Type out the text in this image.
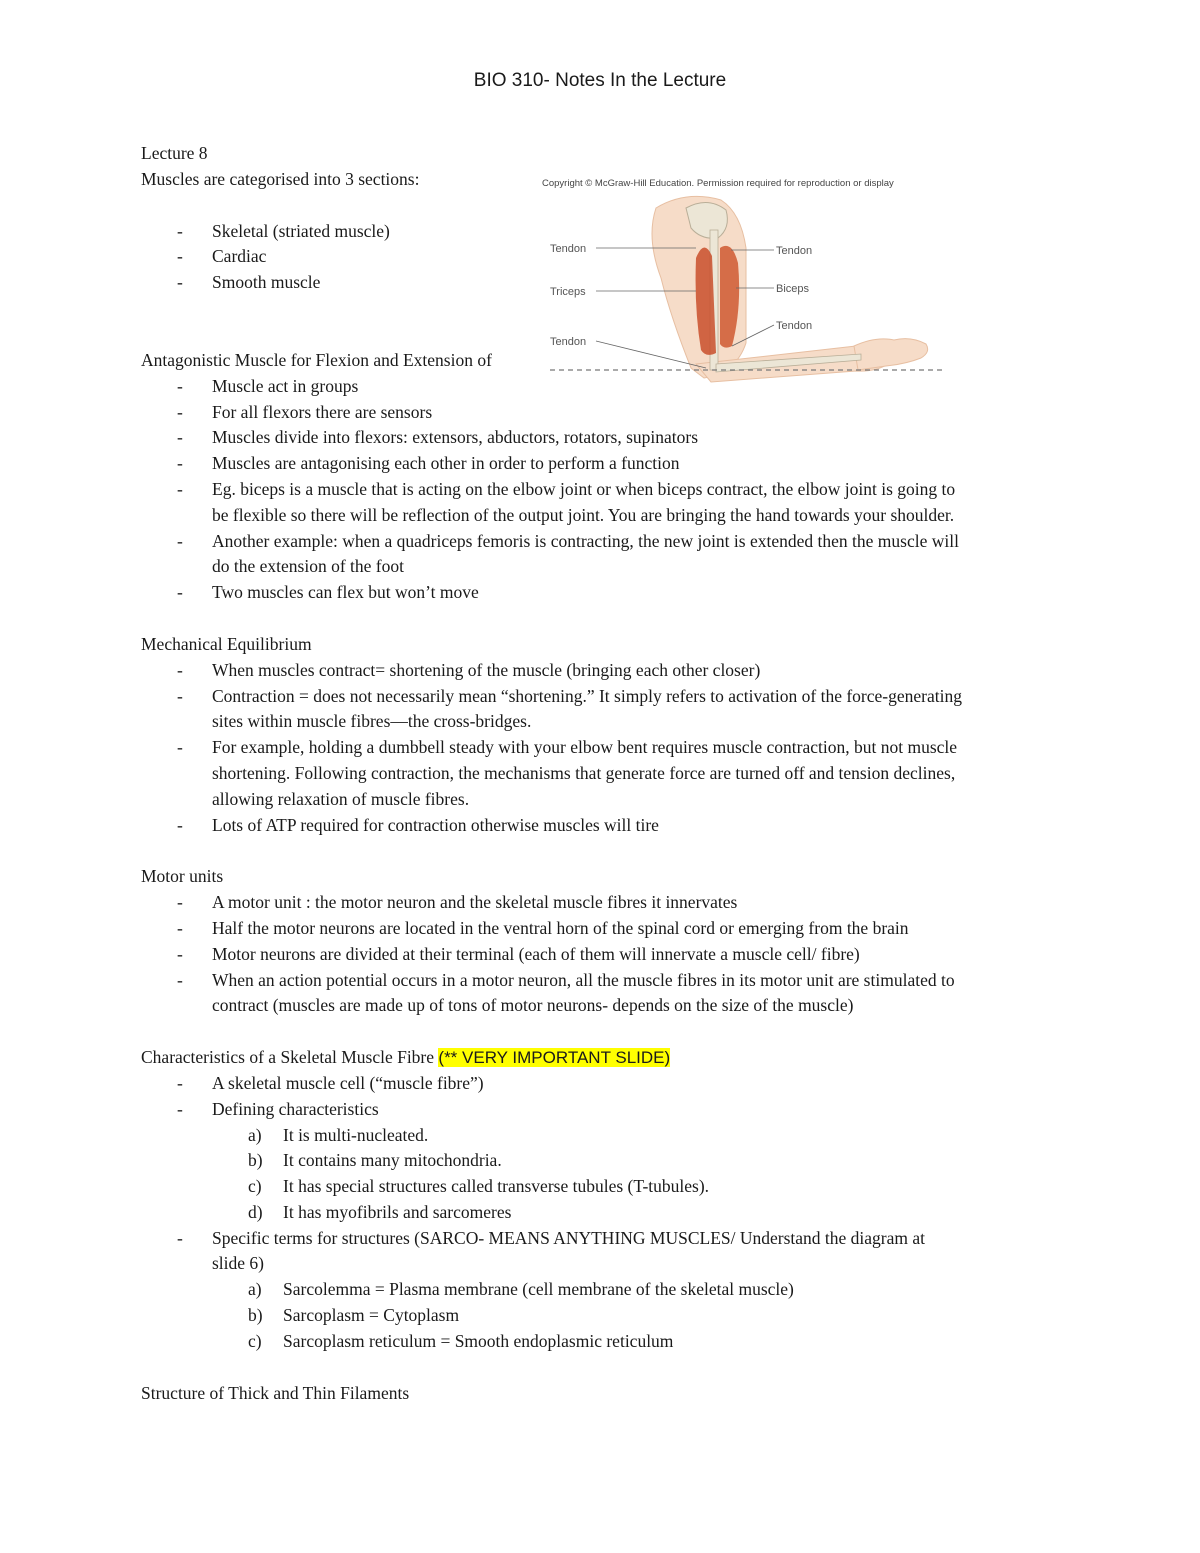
BIO 310- Notes In the Lecture
Copyright © McGraw-Hill Education. Permission required for reproduction or display
Tendon
Triceps
Tendon
Tendon
Biceps
Tendon

Lecture 8

Muscles are categorised into 3 sections:

- Skeletal (striated muscle)
- Cardiac
- Smooth muscle

Antagonistic Muscle for Flexion and Extension of

- Muscle act in groups
- For all flexors there are sensors
- Muscles divide into flexors: extensors, abductors, rotators, supinators
- Muscles are antagonising each other in order to perform a function
- Eg. biceps is a muscle that is acting on the elbow joint or when biceps contract, the elbow joint is going to
be flexible so there will be reflection of the output joint. You are bringing the hand towards your shoulder.
- Another example: when a quadriceps femoris is contracting, the new joint is extended then the muscle will
do the extension of the foot
- Two muscles can flex but won’t move

Mechanical Equilibrium

- When muscles contract= shortening of the muscle (bringing each other closer)
- Contraction = does not necessarily mean “shortening.” It simply refers to activation of the force-generating
sites within muscle fibres—the cross-bridges.
- For example, holding a dumbbell steady with your elbow bent requires muscle contraction, but not muscle
shortening. Following contraction, the mechanisms that generate force are turned off and tension declines,
allowing relaxation of muscle fibres.
- Lots of ATP required for contraction otherwise muscles will tire

Motor units

- A motor unit : the motor neuron and the skeletal muscle fibres it innervates
- Half the motor neurons are located in the ventral horn of the spinal cord or emerging from the brain
- Motor neurons are divided at their terminal (each of them will innervate a muscle cell/ fibre)
- When an action potential occurs in a motor neuron, all the muscle fibres in its motor unit are stimulated to
contract (muscles are made up of tons of motor neurons- depends on the size of the muscle)

Characteristics of a Skeletal Muscle Fibre (** VERY IMPORTANT SLIDE)

- A skeletal muscle cell (“muscle fibre”)
- Defining characteristics
a) It is multi-nucleated.
b) It contains many mitochondria.
c) It has special structures called transverse tubules (T-tubules).
d) It has myofibrils and sarcomeres
- Specific terms for structures (SARCO- MEANS ANYTHING MUSCLES/ Understand the diagram at
slide 6)
a) Sarcolemma = Plasma membrane (cell membrane of the skeletal muscle)
b) Sarcoplasm = Cytoplasm
c) Sarcoplasm reticulum = Smooth endoplasmic reticulum

Structure of Thick and Thin Filaments
